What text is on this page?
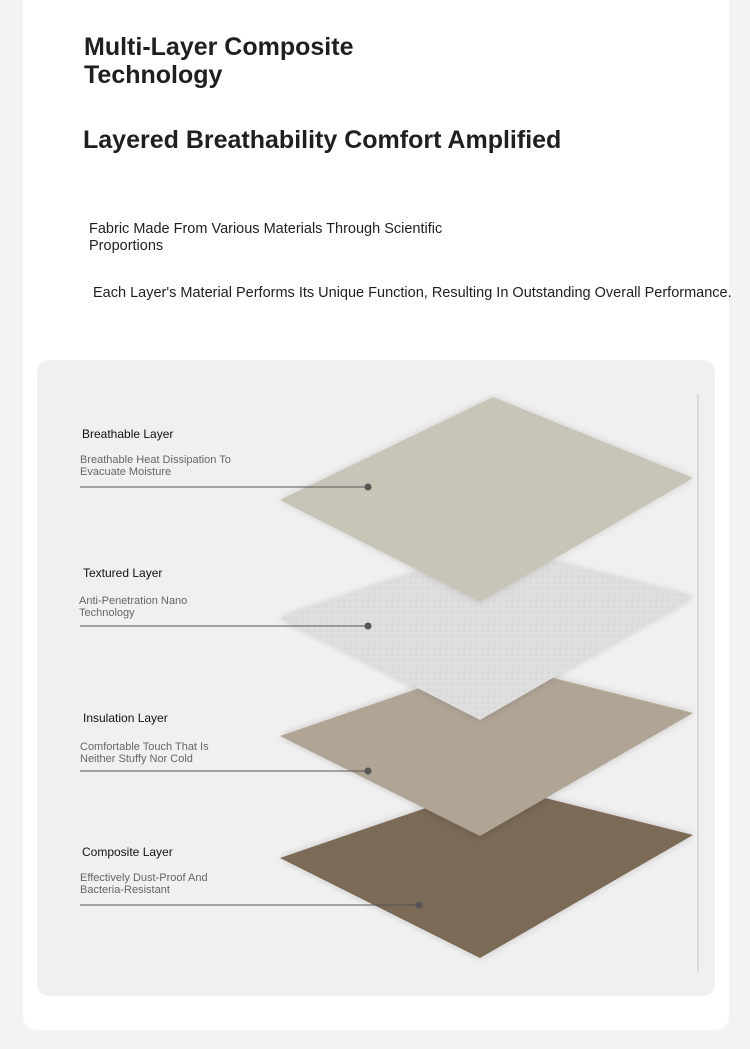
Multi-Layer Composite Technology
Layered Breathability Comfort Amplified

Fabric Made From Various Materials Through Scientific Proportions

Each Layer's Material Performs Its Unique Function, Resulting In Outstanding Overall Performance.

Breathable Layer
Breathable Heat Dissipation To Evacuate Moisture
Textured Layer
Anti-Penetration Nano Technology
Insulation Layer
Comfortable Touch That Is Neither Stuffy Nor Cold
Composite Layer
Effectively Dust-Proof And Bacteria-Resistant
